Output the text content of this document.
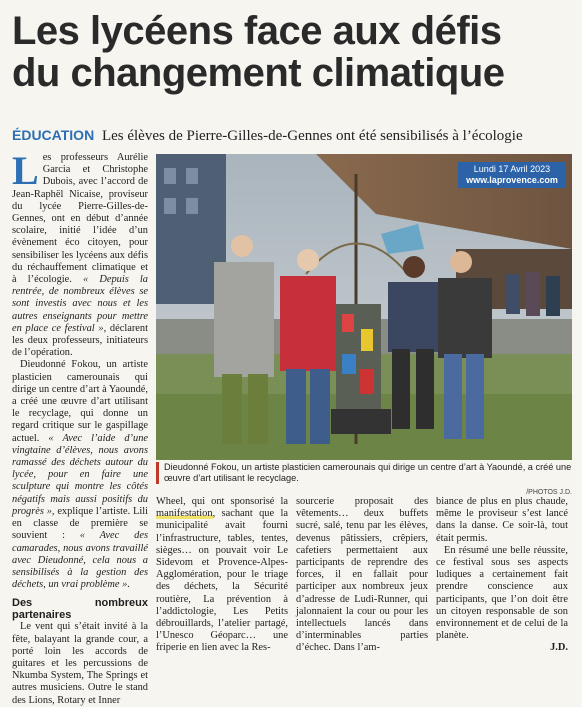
Les lycéens face aux défis
du changement climatique
ÉDUCATION Les élèves de Pierre-Gilles-de-Gennes ont été sensibilisés à l’écologie

Les professeurs Aurélie Garcia et Christophe Dubois, avec l’accord de Jean-Raphël Nicaise, proviseur du lycée Pierre-Gilles-de-Gennes, ont en début d’année scolaire, initié l’idée d’un évènement éco citoyen, pour sensibiliser les lycéens aux défis du réchauffement climatique et à l’écologie. « Depuis la rentrée, de nombreux élèves se sont investis avec nous et les autres enseignants pour mettre en place ce festival », déclarent les deux professeurs, initiateurs de l’opération.

Dieudonné Fokou, un artiste plasticien camerounais qui dirige un centre d’art à Yaoundé, a créé une œuvre d’art utilisant le recyclage, qui donne un regard critique sur le gaspillage actuel. « Avec l’aide d’une vingtaine d’élèves, nous avons ramassé des déchets autour du lycée, pour en faire une sculpture qui montre les côtés négatifs mais aussi positifs du progrès », explique l’artiste. Lili en classe de première se souvient : « Avec des camarades, nous avons travaillé avec Dieudonné, cela nous a sensibilisés à la gestion des déchets, un vrai problème ».

Des nombreux partenaires

Le vent qui s’était invité à la fête, balayant la grande cour, a porté loin les accords de guitares et les percussions de Nkumba System, The Springs et autres musiciens. Outre le stand des Lions, Rotary et Inner

Lundi 17 Avril 2023
www.laprovence.com
Dieudonné Fokou, un artiste plasticien camerounais qui dirige un centre d’art à Yaoundé, a créé une œuvre d’art utilisant le recyclage.
/PHOTOS J.D.

Wheel, qui ont sponsorisé la manifestation, sachant que la municipalité avait fourni l’infrastructure, tables, tentes, sièges… on pouvait voir Le Sidevom et Provence-Alpes-Agglomération, pour le triage des déchets, la Sécurité routière, La prévention à l’addictologie, Les Petits débrouillards, l’atelier partagé, l’Unesco Géoparc… une friperie en lien avec la Res-

sourcerie proposait des vêtements… deux buffets sucré, salé, tenu par les élèves, devenus pâtissiers, crêpiers, cafetiers permettaient aux participants de reprendre des forces, il en fallait pour participer aux nombreux jeux d’adresse de Ludi-Runner, qui jalonnaient la cour ou pour les intellectuels lancés dans d’interminables parties d’échec. Dans l’am-

biance de plus en plus chaude, même le proviseur s’est lancé dans la danse. Ce soir-là, tout était permis.

En résumé une belle réussite, ce festival sous ses aspects ludiques a certainement fait prendre conscience aux participants, que l’on doit être un citoyen responsable de son environnement et de celui de la planète.

J.D.
